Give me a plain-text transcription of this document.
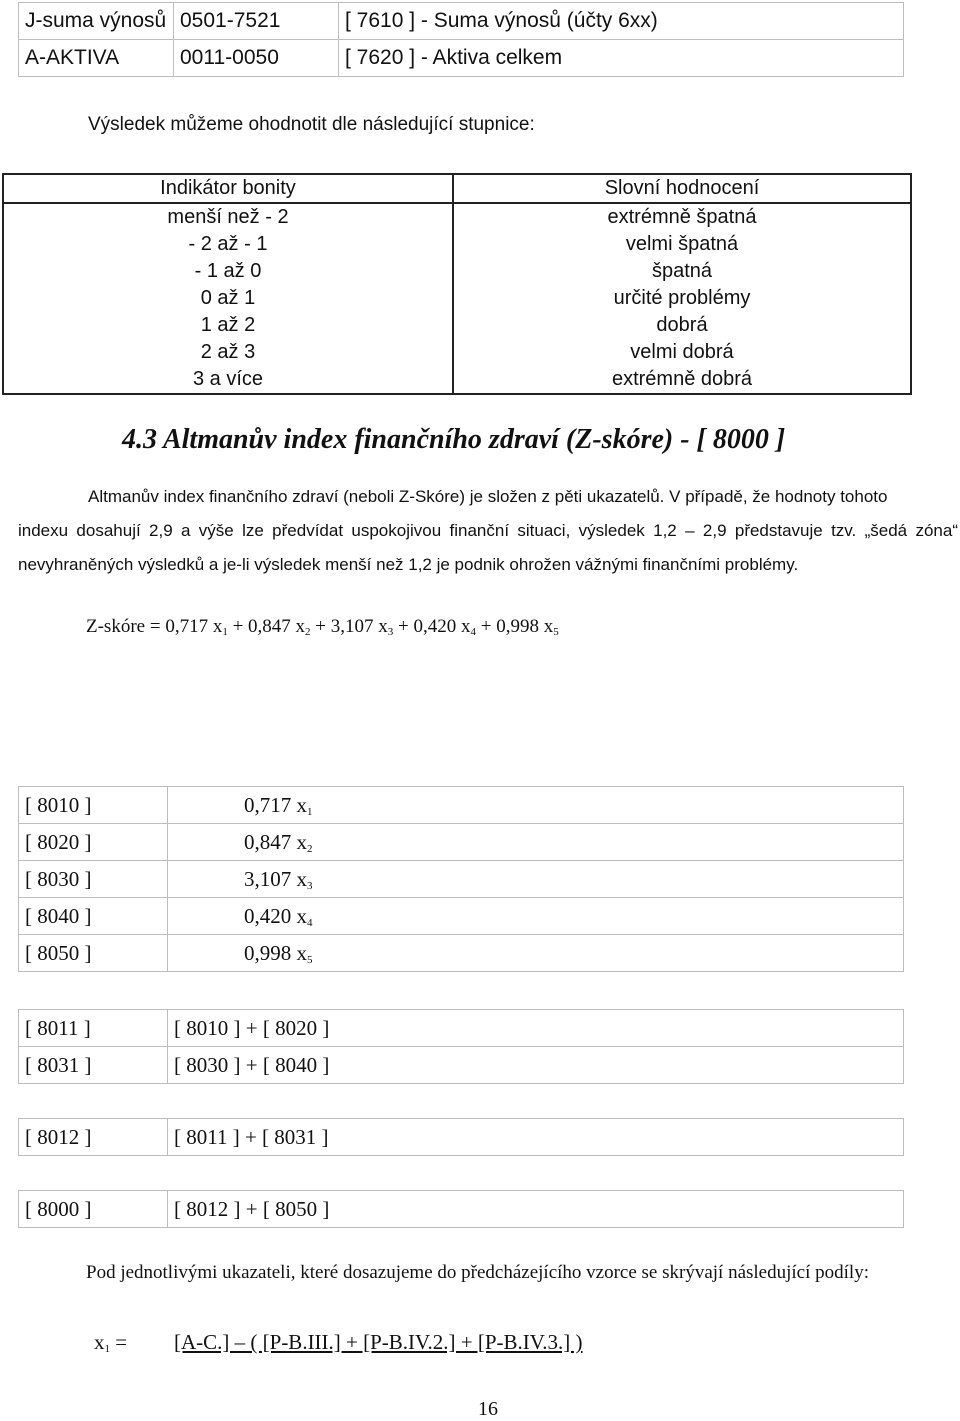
J-suma výnosů	0501-7521	[ 7610 ] - Suma výnosů (účty 6xx)
A-AKTIVA	0011-0050	[ 7620 ] - Aktiva celkem
Výsledek můžeme ohodnotit dle následující stupnice:
Indikátor bonity	Slovní hodnocení
menší než - 2	extrémně špatná
- 2 až - 1	velmi špatná
- 1 až 0	špatná
0 až 1	určité problémy
1 až 2	dobrá
2 až 3	velmi dobrá
3 a více	extrémně dobrá
4.3 Altmanův index finančního zdraví (Z-skóre) - [ 8000 ]
Altmanův index finančního zdraví (neboli Z-Skóre) je složen z pěti ukazatelů. V případě, že hodnoty tohoto
indexu dosahují 2,9 a výše lze předvídat uspokojivou finanční situaci, výsledek 1,2 – 2,9 představuje tzv. „šedá zóna“ nevyhraněných výsledků a je-li výsledek menší než 1,2 je podnik ohrožen vážnými finančními problémy.
Z-skóre = 0,717 $x_1 + 0,847$ $x_2 + 3,107$ $x_3 + 0,420$ $x_4 + 0,998$ $x_5$
[ 8010 ]	0,717 $x_1$
[ 8020 ]	0,847 $x_2$
[ 8030 ]	3,107 $x_3$
[ 8040 ]	0,420 $x_4$
[ 8050 ]	0,998 $x_5$
[ 8011 ]	[ 8010 ] + [ 8020 ]
[ 8031 ]	[ 8030 ] + [ 8040 ]
[ 8012 ]	[ 8011 ] + [ 8031 ]
[ 8000 ]	[ 8012 ] + [ 8050 ]
Pod jednotlivými ukazateli, které dosazujeme do předcházejícího vzorce se skrývají následující podíly:
$x_1 = [A-C.]$ – ( [P-B.III.] + [P-B.IV.2.] + [P-B.IV.3.] )
16
